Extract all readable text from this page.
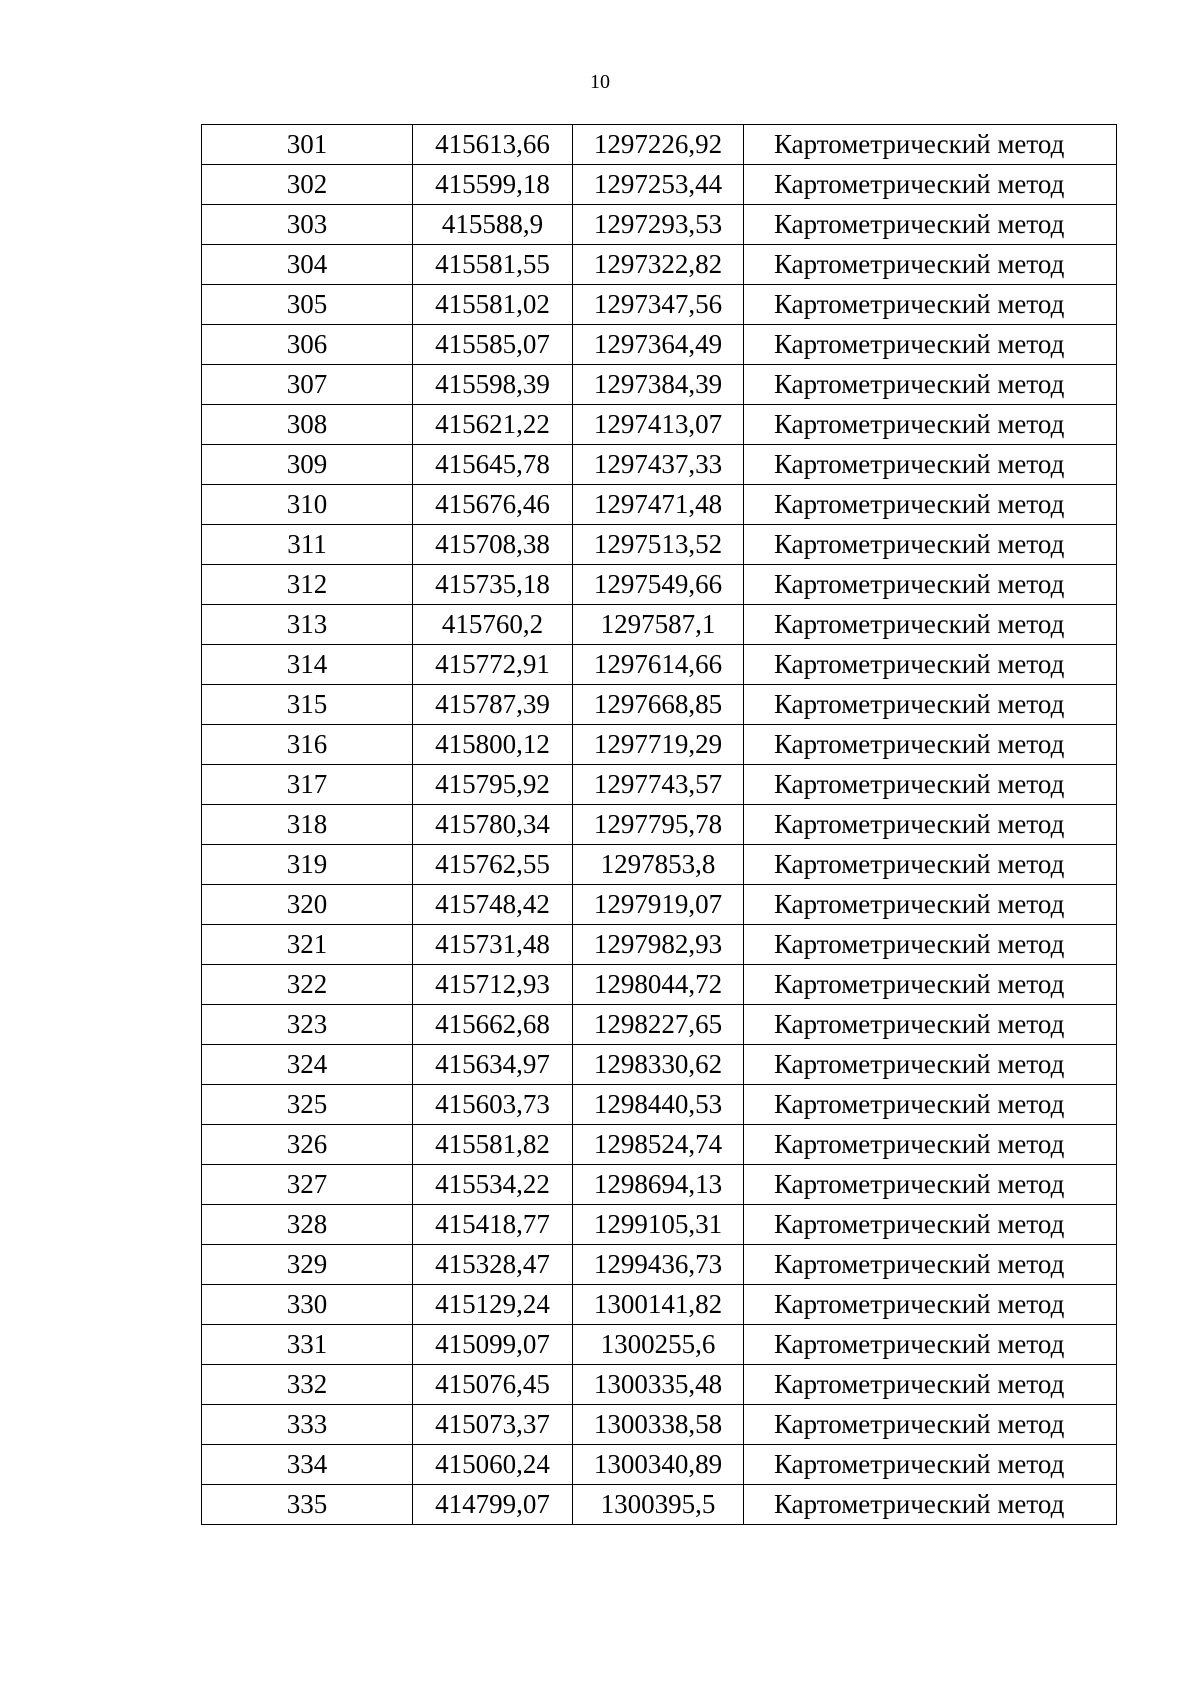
10
301	415613,66	1297226,92	Картометрический метод
302	415599,18	1297253,44	Картометрический метод
303	415588,9	1297293,53	Картометрический метод
304	415581,55	1297322,82	Картометрический метод
305	415581,02	1297347,56	Картометрический метод
306	415585,07	1297364,49	Картометрический метод
307	415598,39	1297384,39	Картометрический метод
308	415621,22	1297413,07	Картометрический метод
309	415645,78	1297437,33	Картометрический метод
310	415676,46	1297471,48	Картометрический метод
311	415708,38	1297513,52	Картометрический метод
312	415735,18	1297549,66	Картометрический метод
313	415760,2	1297587,1	Картометрический метод
314	415772,91	1297614,66	Картометрический метод
315	415787,39	1297668,85	Картометрический метод
316	415800,12	1297719,29	Картометрический метод
317	415795,92	1297743,57	Картометрический метод
318	415780,34	1297795,78	Картометрический метод
319	415762,55	1297853,8	Картометрический метод
320	415748,42	1297919,07	Картометрический метод
321	415731,48	1297982,93	Картометрический метод
322	415712,93	1298044,72	Картометрический метод
323	415662,68	1298227,65	Картометрический метод
324	415634,97	1298330,62	Картометрический метод
325	415603,73	1298440,53	Картометрический метод
326	415581,82	1298524,74	Картометрический метод
327	415534,22	1298694,13	Картометрический метод
328	415418,77	1299105,31	Картометрический метод
329	415328,47	1299436,73	Картометрический метод
330	415129,24	1300141,82	Картометрический метод
331	415099,07	1300255,6	Картометрический метод
332	415076,45	1300335,48	Картометрический метод
333	415073,37	1300338,58	Картометрический метод
334	415060,24	1300340,89	Картометрический метод
335	414799,07	1300395,5	Картометрический метод
